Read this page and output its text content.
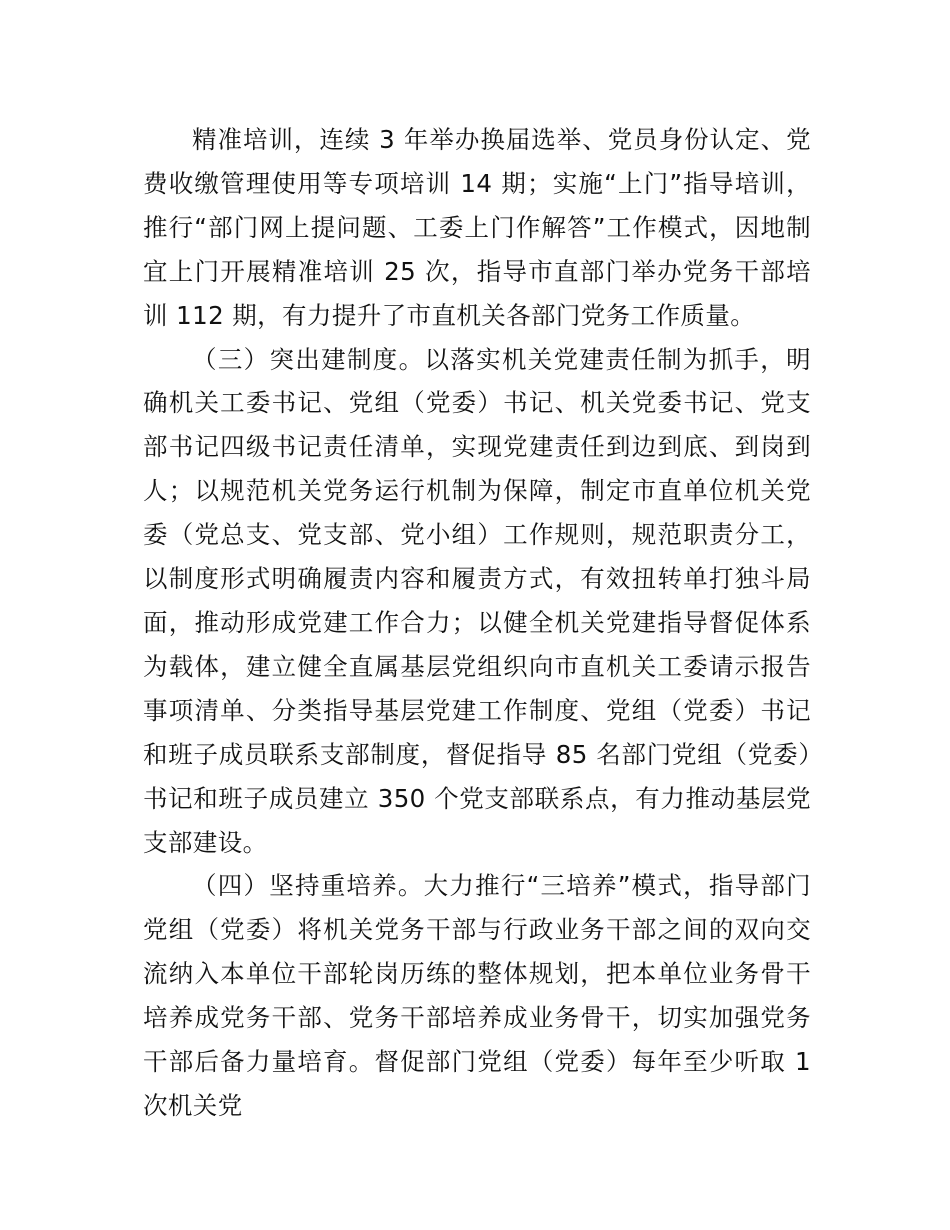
精准培训，连续 3 年举办换届选举、党员身份认定、党费收缴管理使用等专项培训 14 期；实施“上门”指导培训，推行“部门网上提问题、工委上门作解答”工作模式，因地制宜上门开展精准培训 25 次，指导市直部门举办党务干部培训 112 期，有力提升了市直机关各部门党务工作质量。

（三）突出建制度。以落实机关党建责任制为抓手，明确机关工委书记、党组（党委）书记、机关党委书记、党支部书记四级书记责任清单，实现党建责任到边到底、到岗到人；以规范机关党务运行机制为保障，制定市直单位机关党委（党总支、党支部、党小组）工作规则，规范职责分工，以制度形式明确履责内容和履责方式，有效扭转单打独斗局面，推动形成党建工作合力；以健全机关党建指导督促体系为载体，建立健全直属基层党组织向市直机关工委请示报告事项清单、分类指导基层党建工作制度、党组（党委）书记和班子成员联系支部制度，督促指导 85 名部门党组（党委）书记和班子成员建立 350 个党支部联系点，有力推动基层党支部建设。

（四）坚持重培养。大力推行“三培养”模式，指导部门党组（党委）将机关党务干部与行政业务干部之间的双向交流纳入本单位干部轮岗历练的整体规划，把本单位业务骨干培养成党务干部、党务干部培养成业务骨干，切实加强党务干部后备力量培育。督促部门党组（党委）每年至少听取 1 次机关党
